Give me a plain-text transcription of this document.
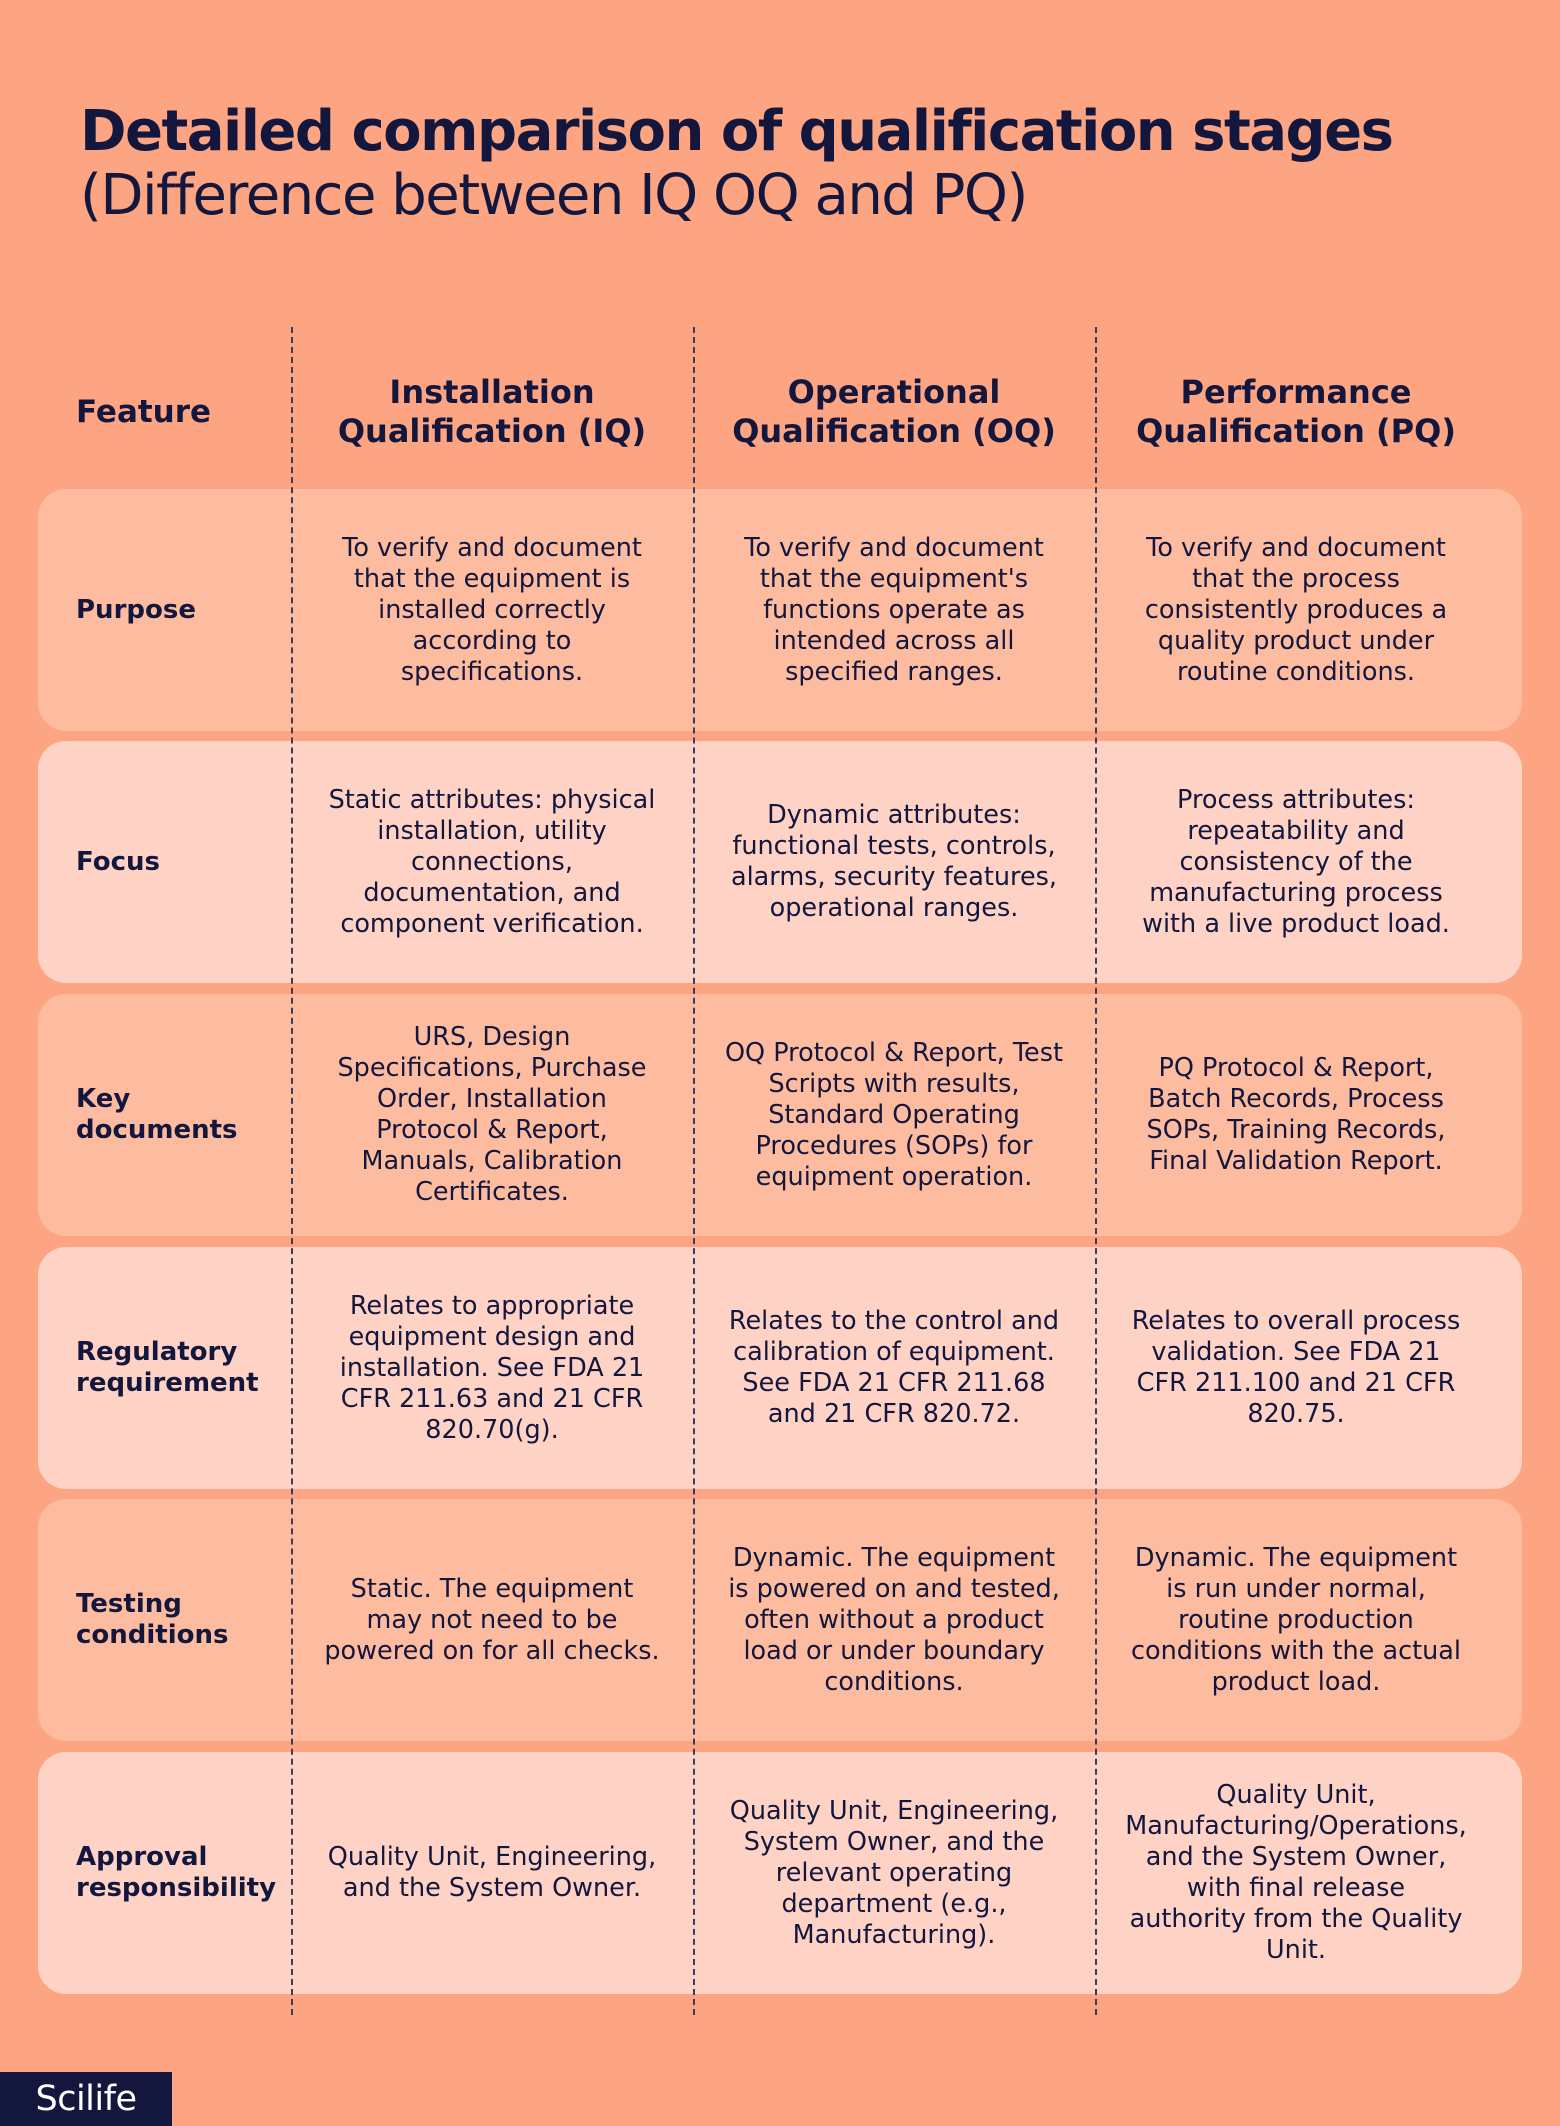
Detailed comparison of qualification stages
(Difference between IQ OQ and PQ)
Feature
Installation Qualification (IQ)
Operational Qualification (OQ)
Performance Qualification (PQ)
Purpose
To verify and document that the equipment is installed correctly according to specifications.
To verify and document that the equipment's functions operate as intended across all specified ranges.
To verify and document that the process consistently produces a quality product under routine conditions.
Focus
Static attributes: physical installation, utility connections, documentation, and component verification.
Dynamic attributes: functional tests, controls, alarms, security features, operational ranges.
Process attributes: repeatability and consistency of the manufacturing process with a live product load.
Key documents
URS, Design Specifications, Purchase Order, Installation Protocol & Report, Manuals, Calibration Certificates.
OQ Protocol & Report, Test Scripts with results, Standard Operating Procedures (SOPs) for equipment operation.
PQ Protocol & Report, Batch Records, Process SOPs, Training Records, Final Validation Report.
Regulatory requirement
Relates to appropriate equipment design and installation. See FDA 21 CFR 211.63 and 21 CFR 820.70(g).
Relates to the control and calibration of equipment. See FDA 21 CFR 211.68 and 21 CFR 820.72.
Relates to overall process validation. See FDA 21 CFR 211.100 and 21 CFR 820.75.
Testing conditions
Static. The equipment may not need to be powered on for all checks.
Dynamic. The equipment is powered on and tested, often without a product load or under boundary conditions.
Dynamic. The equipment is run under normal, routine production conditions with the actual product load.
Approval responsibility
Quality Unit, Engineering, and the System Owner.
Quality Unit, Engineering, System Owner, and the relevant operating department (e.g., Manufacturing).
Quality Unit, Manufacturing/Operations, and the System Owner, with final release authority from the Quality Unit.
Scilife
